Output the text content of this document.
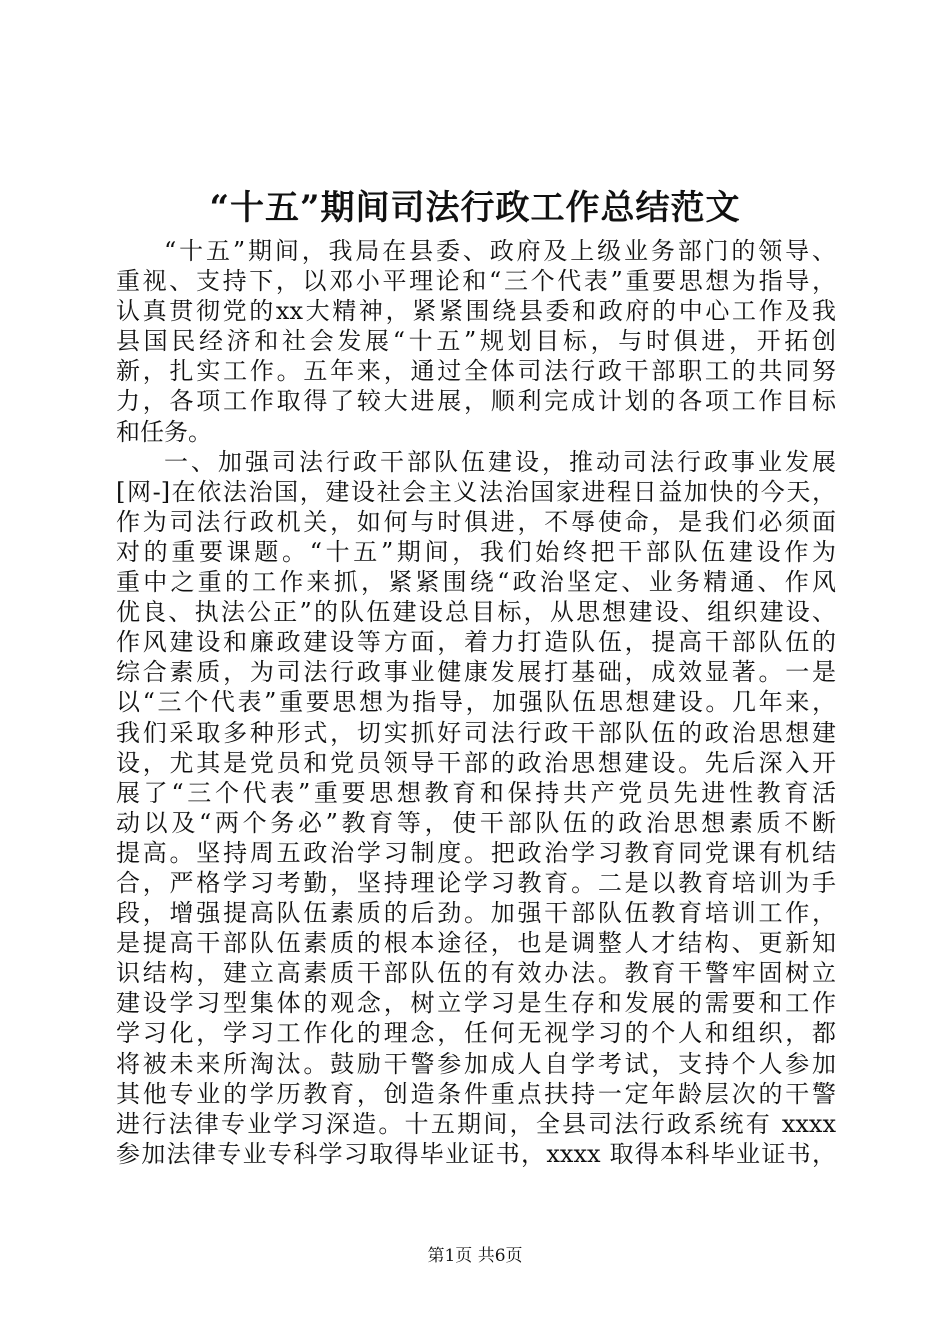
“十五”期间司法行政工作总结范文
“十五”期间，我局在县委、政府及上级业务部门的领导、
重视、支持下，以邓小平理论和“三个代表”重要思想为指导，
认真贯彻党的xx大精神，紧紧围绕县委和政府的中心工作及我
县国民经济和社会发展“十五”规划目标，与时俱进，开拓创
新，扎实工作。五年来，通过全体司法行政干部职工的共同努
力，各项工作取得了较大进展，顺利完成计划的各项工作目标
和任务。
一、加强司法行政干部队伍建设，推动司法行政事业发展
[网-]在依法治国，建设社会主义法治国家进程日益加快的今天，
作为司法行政机关，如何与时俱进，不辱使命，是我们必须面
对的重要课题。“十五”期间，我们始终把干部队伍建设作为
重中之重的工作来抓，紧紧围绕“政治坚定、业务精通、作风
优良、执法公正”的队伍建设总目标，从思想建设、组织建设、
作风建设和廉政建设等方面，着力打造队伍，提高干部队伍的
综合素质，为司法行政事业健康发展打基础，成效显著。一是
以“三个代表”重要思想为指导，加强队伍思想建设。几年来，
我们采取多种形式，切实抓好司法行政干部队伍的政治思想建
设，尤其是党员和党员领导干部的政治思想建设。先后深入开
展了“三个代表”重要思想教育和保持共产党员先进性教育活
动以及“两个务必”教育等，使干部队伍的政治思想素质不断
提高。坚持周五政治学习制度。把政治学习教育同党课有机结
合，严格学习考勤，坚持理论学习教育。二是以教育培训为手
段，增强提高队伍素质的后劲。加强干部队伍教育培训工作，
是提高干部队伍素质的根本途径，也是调整人才结构、更新知
识结构，建立高素质干部队伍的有效办法。教育干警牢固树立
建设学习型集体的观念，树立学习是生存和发展的需要和工作
学习化，学习工作化的理念，任何无视学习的个人和组织，都
将被未来所淘汰。鼓励干警参加成人自学考试，支持个人参加
其他专业的学历教育，创造条件重点扶持一定年龄层次的干警
进行法律专业学习深造。十五期间，全县司法行政系统有 xxxx
参加法律专业专科学习取得毕业证书，xxxx 取得本科毕业证书，
第1页 共6页
